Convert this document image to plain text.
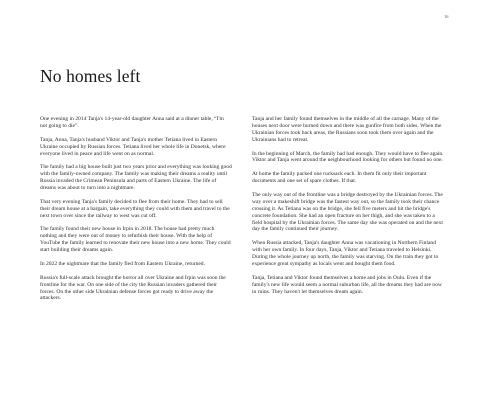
16
No homes left

One evening in 2014 Tanja's 14-year-old daughter Anna said at a dinner table, “I'm not going to die”.

Tanja, Anna, Tanja's husband Viktor and Tanja's mother Tetiana lived in Eastern Ukraine occupied by Russian forces. Tetiana lived her whole life in Donetsk, where everyone lived in peace and life went on as normal.

The family had a big house built just two years prior and everything was looking good with the family-owned company. The family was making their dreams a reality until Russia invaded the Crimean Peninsula and parts of Eastern Ukraine. The life of dreams was about to turn into a nightmare.

That very evening Tanja's family decided to flee from their home. They had to sell their dream house at a bargain, take everything they could with them and travel to the next town over since the railway to west was cut off.

The family found their new house in Irpin in 2018. The house had pretty much nothing and they were out of money to refurbish their house. With the help of YouTube the family learned to renovate their new house into a new home. They could start building their dreams again.

In 2022 the nightmare that the family fled from Eastern Ukraine, returned.

Russia's full-scale attack brought the horror all over Ukraine and Irpin was soon the frontline for the war. On one side of the city the Russian invaders gathered their forces. On the other side Ukrainian defense forces got ready to drive away the attackers.

Tanja and her family found themselves in the middle of all the carnage. Many of the houses next door were burned down and there was gunfire from both sides. When the Ukrainian forces took back areas, the Russians soon took them over again and the Ukrainians had to retreat.

In the beginning of March, the family had had enough. They would have to flee again. Viktor and Tanja went around the neighbourhood looking for others but found no one.

At home the family packed one rucksack each. In them fit only their important documents and one set of spare clothes. If that.

The only way out of the frontline was a bridge destroyed by the Ukrainian forces. The way over a makeshift bridge was the fastest way out, so the family took their chance crossing it. As Tetiana was on the bridge, she fell five meters and hit the bridge's concrete foundation. She had an open fracture on her thigh, and she was taken to a field hospital by the Ukrainian forces. The same day she was operated on and the next day the family continued their journey.

When Russia attacked, Tanja's daughter Anna was vacationing in Northern Finland with her own family. In four days, Tanja, Viktor and Tetiana traveled to Helsinki. During the whole journey up north, the family was starving. On the train they got to experience great sympathy as locals went and bought them food.

Tanja, Tetiana and Viktor found themselves a home and jobs in Oulu. Even if the family's new life would seem a normal suburban life, all the dreams they had are now in ruins. They haven't let themselves dream again.
